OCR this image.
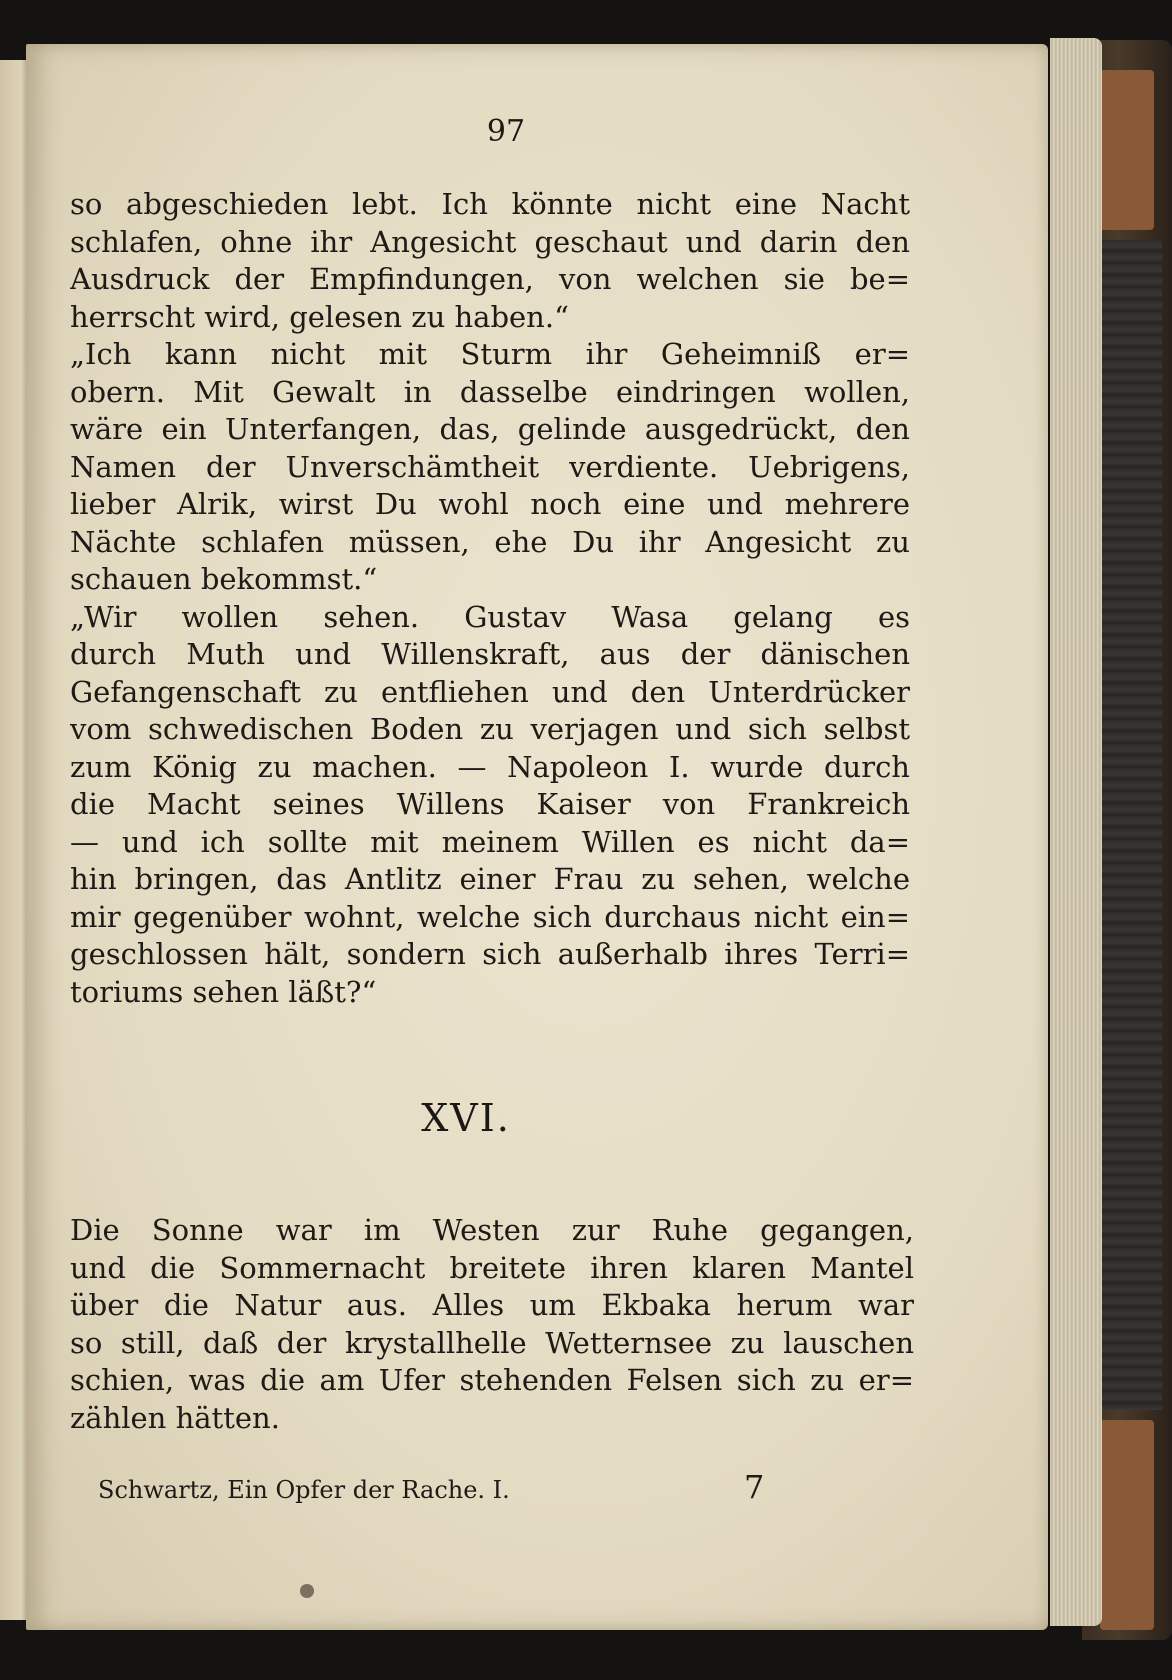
97
so abgeschieden lebt. Ich könnte nicht eine Nacht
schlafen, ohne ihr Angesicht geschaut und darin den
Ausdruck der Empfindungen, von welchen sie be=
herrscht wird, gelesen zu haben.“
„Ich kann nicht mit Sturm ihr Geheimniß er=
obern. Mit Gewalt in dasselbe eindringen wollen,
wäre ein Unterfangen, das, gelinde ausgedrückt, den
Namen der Unverschämtheit verdiente. Uebrigens,
lieber Alrik, wirst Du wohl noch eine und mehrere
Nächte schlafen müssen, ehe Du ihr Angesicht zu
schauen bekommst.“
„Wir wollen sehen. Gustav Wasa gelang es
durch Muth und Willenskraft, aus der dänischen
Gefangenschaft zu entfliehen und den Unterdrücker
vom schwedischen Boden zu verjagen und sich selbst
zum König zu machen. — Napoleon I. wurde durch
die Macht seines Willens Kaiser von Frankreich
— und ich sollte mit meinem Willen es nicht da=
hin bringen, das Antlitz einer Frau zu sehen, welche
mir gegenüber wohnt, welche sich durchaus nicht ein=
geschlossen hält, sondern sich außerhalb ihres Terri=
toriums sehen läßt?“
XVI.
Die Sonne war im Westen zur Ruhe gegangen,
und die Sommernacht breitete ihren klaren Mantel
über die Natur aus. Alles um Ekbaka herum war
so still, daß der krystallhelle Wetternsee zu lauschen
schien, was die am Ufer stehenden Felsen sich zu er=
zählen hätten.
Schwartz, Ein Opfer der Rache. I.	7
